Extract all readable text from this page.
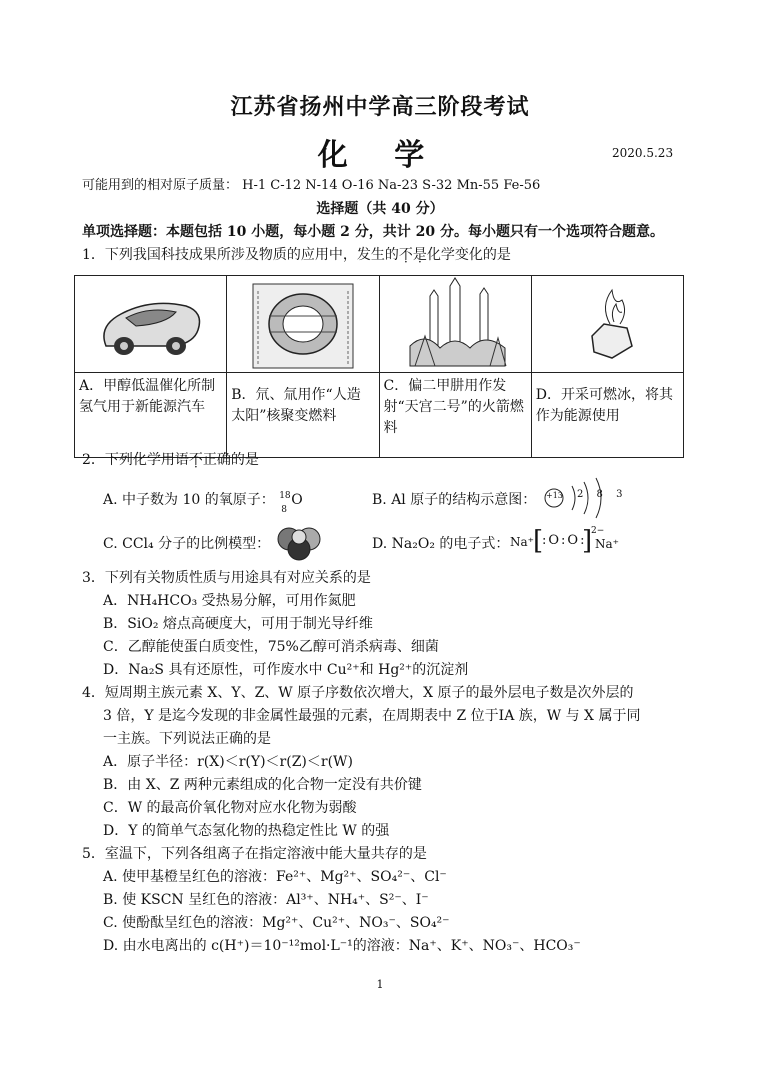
江苏省扬州中学高三阶段考试
化 学	2020.5.23
可能用到的相对原子质量： H-1 C-12 N-14 O-16 Na-23 S-32 Mn-55 Fe-56
选择题（共 40 分）
单项选择题：本题包括 10 小题，每小题 2 分，共计 20 分。每小题只有一个选项符合题意。
1．下列我国科技成果所涉及物质的应用中，发生的不是化学变化的是

A．甲醇低温催化所制氢气用于新能源汽车	B．氘、氚用作“人造太阳”核聚变燃料	C．偏二甲肼用作发射“天宫二号”的火箭燃料	D．开采可燃冰，将其作为能源使用
2．下列化学用语不正确的是
A. 中子数为 10 的氧原子： 18
8
O	B. Al 原子的结构示意图： +13 2 8 3
C. CCl₄ 分子的比例模型：	D. Na₂O₂ 的电子式： Na⁺ [
:O:O:
]
2−
Na⁺
3．下列有关物质性质与用途具有对应关系的是
A．NH₄HCO₃ 受热易分解，可用作氮肥
B．SiO₂ 熔点高硬度大，可用于制光导纤维
C．乙醇能使蛋白质变性，75%乙醇可消杀病毒、细菌
D．Na₂S 具有还原性，可作废水中 Cu²⁺和 Hg²⁺的沉淀剂
4．短周期主族元素 X、Y、Z、W 原子序数依次增大，X 原子的最外层电子数是次外层的
3 倍，Y 是迄今发现的非金属性最强的元素，在周期表中 Z 位于ⅠA 族，W 与 X 属于同
一主族。下列说法正确的是
A．原子半径：r(X)＜r(Y)＜r(Z)＜r(W)
B．由 X、Z 两种元素组成的化合物一定没有共价键
C．W 的最高价氧化物对应水化物为弱酸
D．Y 的简单气态氢化物的热稳定性比 W 的强
5．室温下，下列各组离子在指定溶液中能大量共存的是
A. 使甲基橙呈红色的溶液：Fe²⁺、Mg²⁺、SO₄²⁻、Cl⁻
B. 使 KSCN 呈红色的溶液：Al³⁺、NH₄⁺、S²⁻、I⁻
C. 使酚酞呈红色的溶液：Mg²⁺、Cu²⁺、NO₃⁻、SO₄²⁻
D. 由水电离出的 c(H⁺)＝10⁻¹²mol·L⁻¹的溶液：Na⁺、K⁺、NO₃⁻、HCO₃⁻
1
